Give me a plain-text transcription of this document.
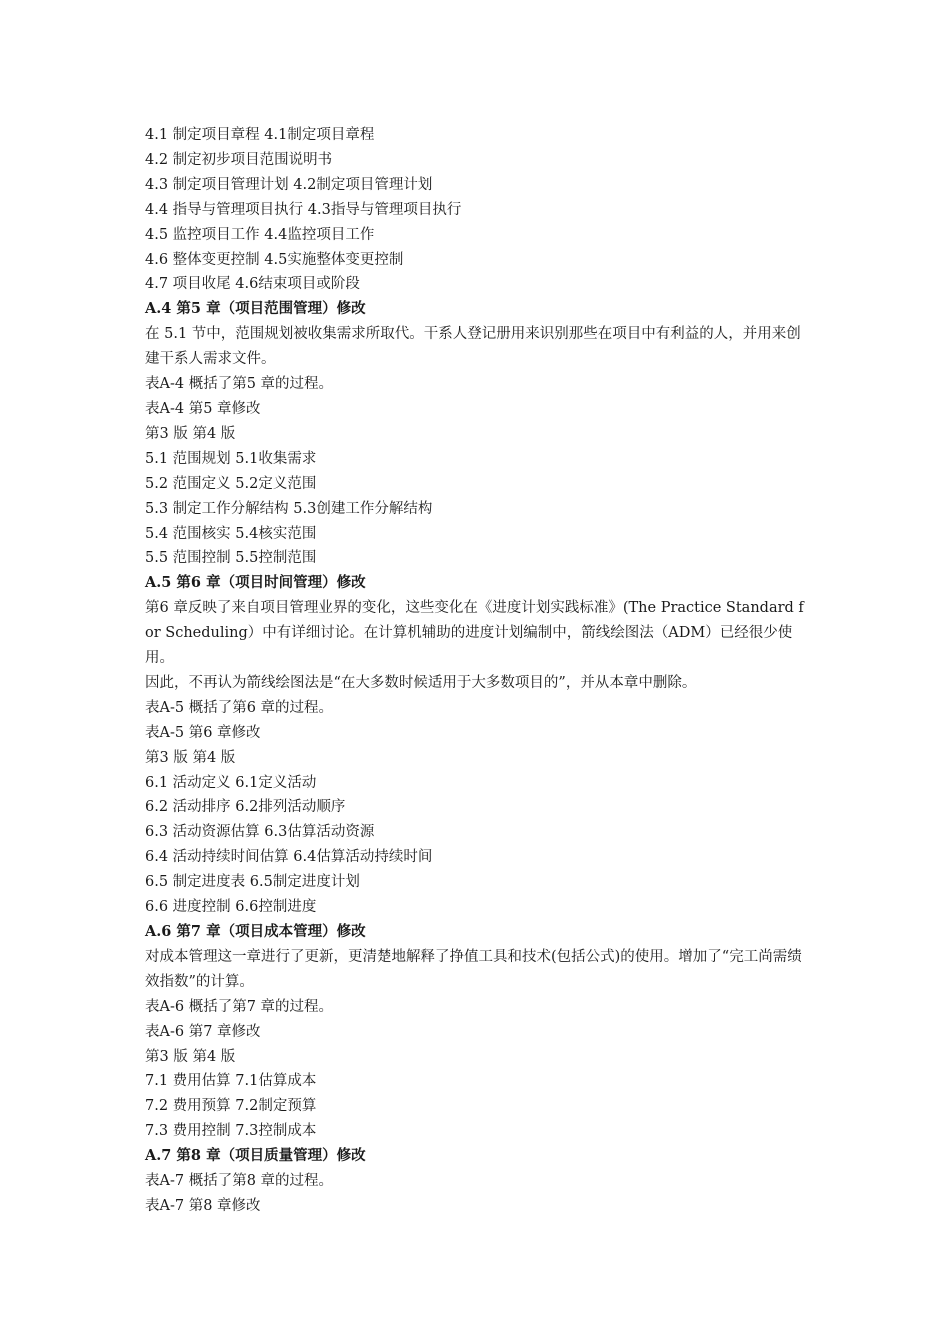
4.1 制定项目章程 4.1制定项目章程

4.2 制定初步项目范围说明书

4.3 制定项目管理计划 4.2制定项目管理计划

4.4 指导与管理项目执行 4.3指导与管理项目执行

4.5 监控项目工作 4.4监控项目工作

4.6 整体变更控制 4.5实施整体变更控制

4.7 项目收尾 4.6结束项目或阶段

A.4 第5 章（项目范围管理）修改

在 5.1 节中，范围规划被收集需求所取代。干系人登记册用来识别那些在项目中有利益的人，并用来创建干系人需求文件。

表A-4 概括了第5 章的过程。

表A-4 第5 章修改

第3 版 第4 版

5.1 范围规划 5.1收集需求

5.2 范围定义 5.2定义范围

5.3 制定工作分解结构 5.3创建工作分解结构

5.4 范围核实 5.4核实范围

5.5 范围控制 5.5控制范围

A.5 第6 章（项目时间管理）修改

第6 章反映了来自项目管理业界的变化，这些变化在《进度计划实践标准》(The Practice Standard for Scheduling）中有详细讨论。在计算机辅助的进度计划编制中，箭线绘图法（ADM）已经很少使用。

因此，不再认为箭线绘图法是“在大多数时候适用于大多数项目的”，并从本章中删除。

表A-5 概括了第6 章的过程。

表A-5 第6 章修改

第3 版 第4 版

6.1 活动定义 6.1定义活动

6.2 活动排序 6.2排列活动顺序

6.3 活动资源估算 6.3估算活动资源

6.4 活动持续时间估算 6.4估算活动持续时间

6.5 制定进度表 6.5制定进度计划

6.6 进度控制 6.6控制进度

A.6 第7 章（项目成本管理）修改

对成本管理这一章进行了更新，更清楚地解释了挣值工具和技术(包括公式)的使用。增加了“完工尚需绩效指数”的计算。

表A-6 概括了第7 章的过程。

表A-6 第7 章修改

第3 版 第4 版

7.1 费用估算 7.1估算成本

7.2 费用预算 7.2制定预算

7.3 费用控制 7.3控制成本

A.7 第8 章（项目质量管理）修改

表A-7 概括了第8 章的过程。

表A-7 第8 章修改
